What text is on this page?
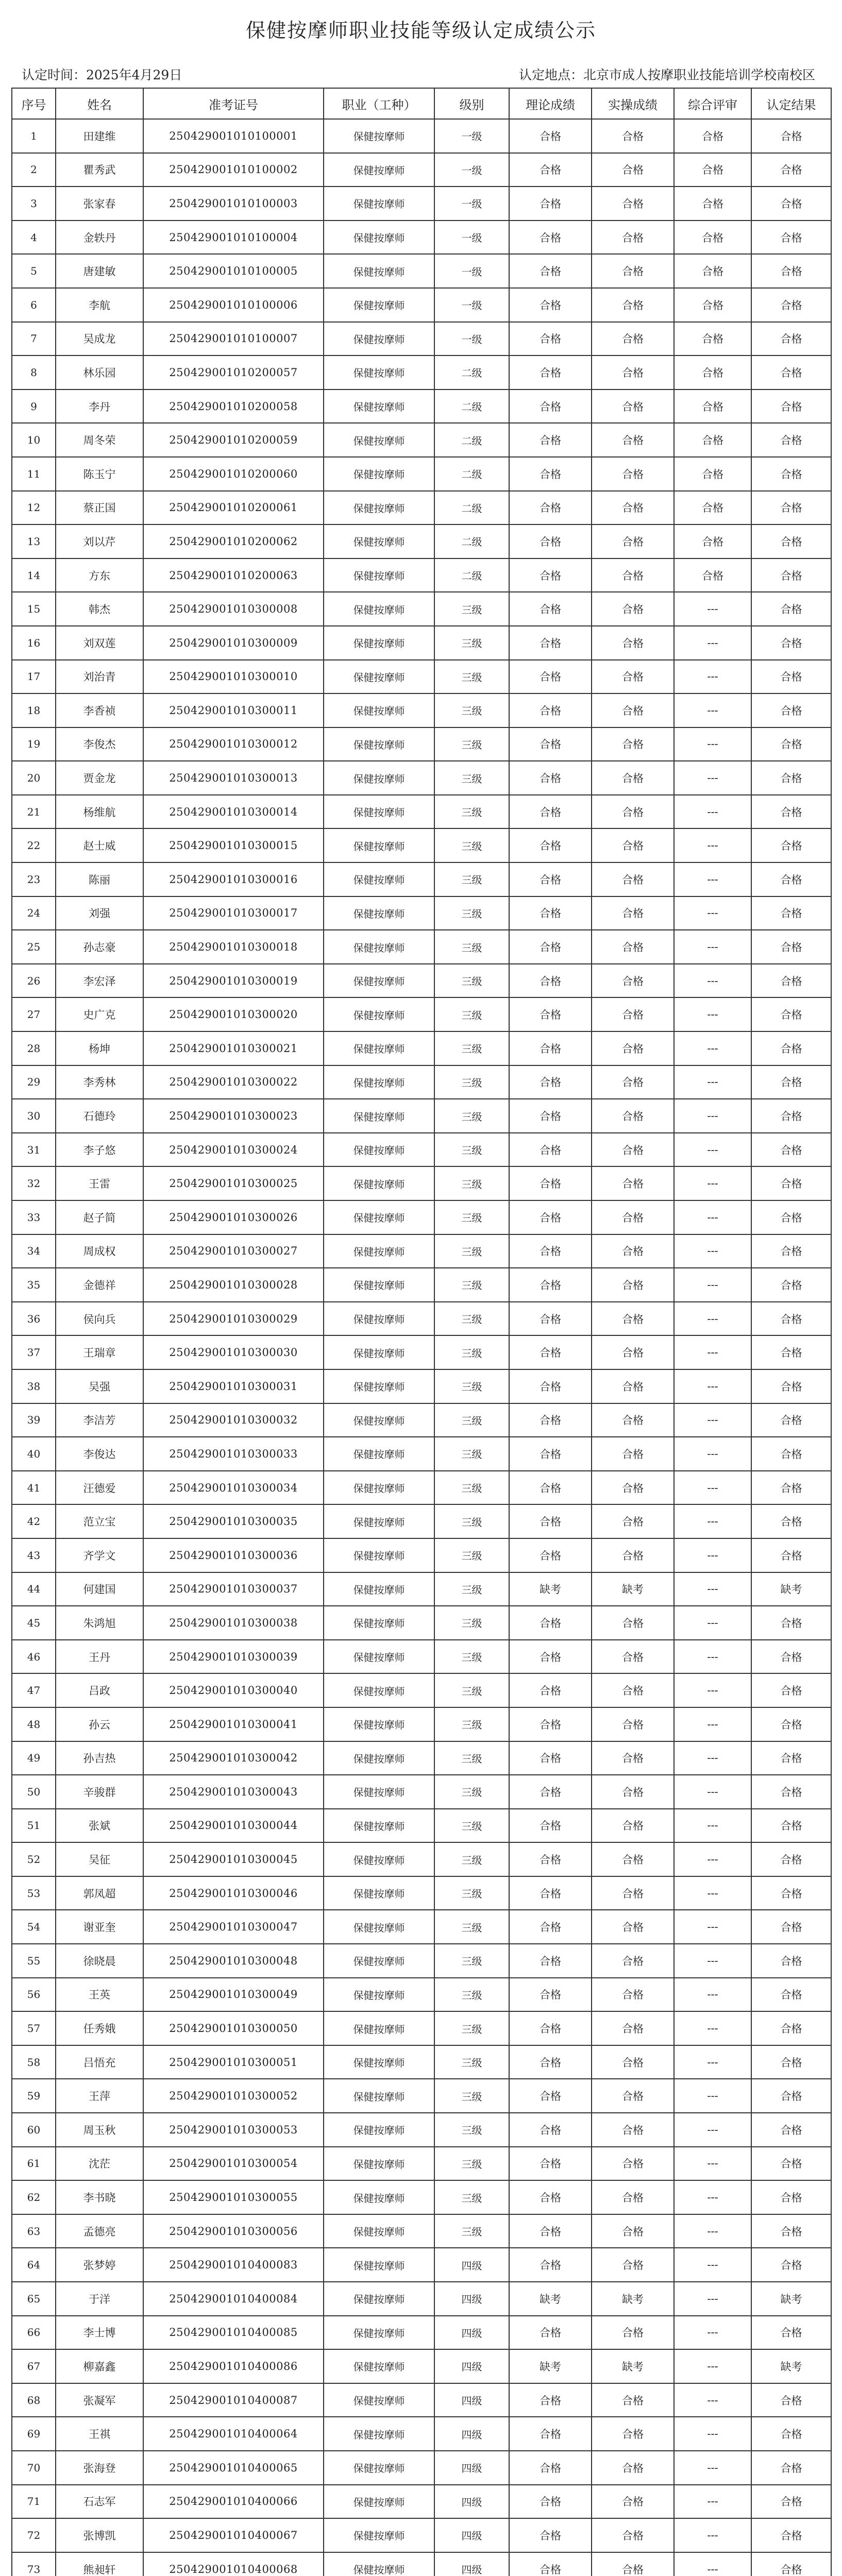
保健按摩师职业技能等级认定成绩公示
认定时间：2025年4月29日	认定地点：北京市成人按摩职业技能培训学校南校区
序号	姓名	准考证号	职业（工种）	级别	理论成绩	实操成绩	综合评审	认定结果
1	田建维	250429001010100001	保健按摩师	一级	合格	合格	合格	合格
2	瞿秀武	250429001010100002	保健按摩师	一级	合格	合格	合格	合格
3	张家春	250429001010100003	保健按摩师	一级	合格	合格	合格	合格
4	金轶丹	250429001010100004	保健按摩师	一级	合格	合格	合格	合格
5	唐建敏	250429001010100005	保健按摩师	一级	合格	合格	合格	合格
6	李航	250429001010100006	保健按摩师	一级	合格	合格	合格	合格
7	吴成龙	250429001010100007	保健按摩师	一级	合格	合格	合格	合格
8	林乐园	250429001010200057	保健按摩师	二级	合格	合格	合格	合格
9	李丹	250429001010200058	保健按摩师	二级	合格	合格	合格	合格
10	周冬荣	250429001010200059	保健按摩师	二级	合格	合格	合格	合格
11	陈玉宁	250429001010200060	保健按摩师	二级	合格	合格	合格	合格
12	蔡正国	250429001010200061	保健按摩师	二级	合格	合格	合格	合格
13	刘以芹	250429001010200062	保健按摩师	二级	合格	合格	合格	合格
14	方东	250429001010200063	保健按摩师	二级	合格	合格	合格	合格
15	韩杰	250429001010300008	保健按摩师	三级	合格	合格	---	合格
16	刘双莲	250429001010300009	保健按摩师	三级	合格	合格	---	合格
17	刘治青	250429001010300010	保健按摩师	三级	合格	合格	---	合格
18	李香祯	250429001010300011	保健按摩师	三级	合格	合格	---	合格
19	李俊杰	250429001010300012	保健按摩师	三级	合格	合格	---	合格
20	贾金龙	250429001010300013	保健按摩师	三级	合格	合格	---	合格
21	杨维航	250429001010300014	保健按摩师	三级	合格	合格	---	合格
22	赵士威	250429001010300015	保健按摩师	三级	合格	合格	---	合格
23	陈丽	250429001010300016	保健按摩师	三级	合格	合格	---	合格
24	刘强	250429001010300017	保健按摩师	三级	合格	合格	---	合格
25	孙志豪	250429001010300018	保健按摩师	三级	合格	合格	---	合格
26	李宏泽	250429001010300019	保健按摩师	三级	合格	合格	---	合格
27	史广克	250429001010300020	保健按摩师	三级	合格	合格	---	合格
28	杨坤	250429001010300021	保健按摩师	三级	合格	合格	---	合格
29	李秀林	250429001010300022	保健按摩师	三级	合格	合格	---	合格
30	石德玲	250429001010300023	保健按摩师	三级	合格	合格	---	合格
31	李子悠	250429001010300024	保健按摩师	三级	合格	合格	---	合格
32	王雷	250429001010300025	保健按摩师	三级	合格	合格	---	合格
33	赵子简	250429001010300026	保健按摩师	三级	合格	合格	---	合格
34	周成权	250429001010300027	保健按摩师	三级	合格	合格	---	合格
35	金德祥	250429001010300028	保健按摩师	三级	合格	合格	---	合格
36	侯向兵	250429001010300029	保健按摩师	三级	合格	合格	---	合格
37	王瑞章	250429001010300030	保健按摩师	三级	合格	合格	---	合格
38	吴强	250429001010300031	保健按摩师	三级	合格	合格	---	合格
39	李洁芳	250429001010300032	保健按摩师	三级	合格	合格	---	合格
40	李俊达	250429001010300033	保健按摩师	三级	合格	合格	---	合格
41	汪德爱	250429001010300034	保健按摩师	三级	合格	合格	---	合格
42	范立宝	250429001010300035	保健按摩师	三级	合格	合格	---	合格
43	齐学文	250429001010300036	保健按摩师	三级	合格	合格	---	合格
44	何建国	250429001010300037	保健按摩师	三级	缺考	缺考	---	缺考
45	朱鸿旭	250429001010300038	保健按摩师	三级	合格	合格	---	合格
46	王丹	250429001010300039	保健按摩师	三级	合格	合格	---	合格
47	吕政	250429001010300040	保健按摩师	三级	合格	合格	---	合格
48	孙云	250429001010300041	保健按摩师	三级	合格	合格	---	合格
49	孙吉热	250429001010300042	保健按摩师	三级	合格	合格	---	合格
50	辛骏群	250429001010300043	保健按摩师	三级	合格	合格	---	合格
51	张斌	250429001010300044	保健按摩师	三级	合格	合格	---	合格
52	吴征	250429001010300045	保健按摩师	三级	合格	合格	---	合格
53	郭凤超	250429001010300046	保健按摩师	三级	合格	合格	---	合格
54	谢亚奎	250429001010300047	保健按摩师	三级	合格	合格	---	合格
55	徐晓晨	250429001010300048	保健按摩师	三级	合格	合格	---	合格
56	王英	250429001010300049	保健按摩师	三级	合格	合格	---	合格
57	任秀娥	250429001010300050	保健按摩师	三级	合格	合格	---	合格
58	吕悟充	250429001010300051	保健按摩师	三级	合格	合格	---	合格
59	王萍	250429001010300052	保健按摩师	三级	合格	合格	---	合格
60	周玉秋	250429001010300053	保健按摩师	三级	合格	合格	---	合格
61	沈茫	250429001010300054	保健按摩师	三级	合格	合格	---	合格
62	李书晓	250429001010300055	保健按摩师	三级	合格	合格	---	合格
63	孟德亮	250429001010300056	保健按摩师	三级	合格	合格	---	合格
64	张梦婷	250429001010400083	保健按摩师	四级	合格	合格	---	合格
65	于洋	250429001010400084	保健按摩师	四级	缺考	缺考	---	缺考
66	李士博	250429001010400085	保健按摩师	四级	合格	合格	---	合格
67	柳嘉鑫	250429001010400086	保健按摩师	四级	缺考	缺考	---	缺考
68	张凝军	250429001010400087	保健按摩师	四级	合格	合格	---	合格
69	王祺	250429001010400064	保健按摩师	四级	合格	合格	---	合格
70	张海登	250429001010400065	保健按摩师	四级	合格	合格	---	合格
71	石志军	250429001010400066	保健按摩师	四级	合格	合格	---	合格
72	张博凯	250429001010400067	保健按摩师	四级	合格	合格	---	合格
73	熊昶轩	250429001010400068	保健按摩师	四级	合格	合格	---	合格
